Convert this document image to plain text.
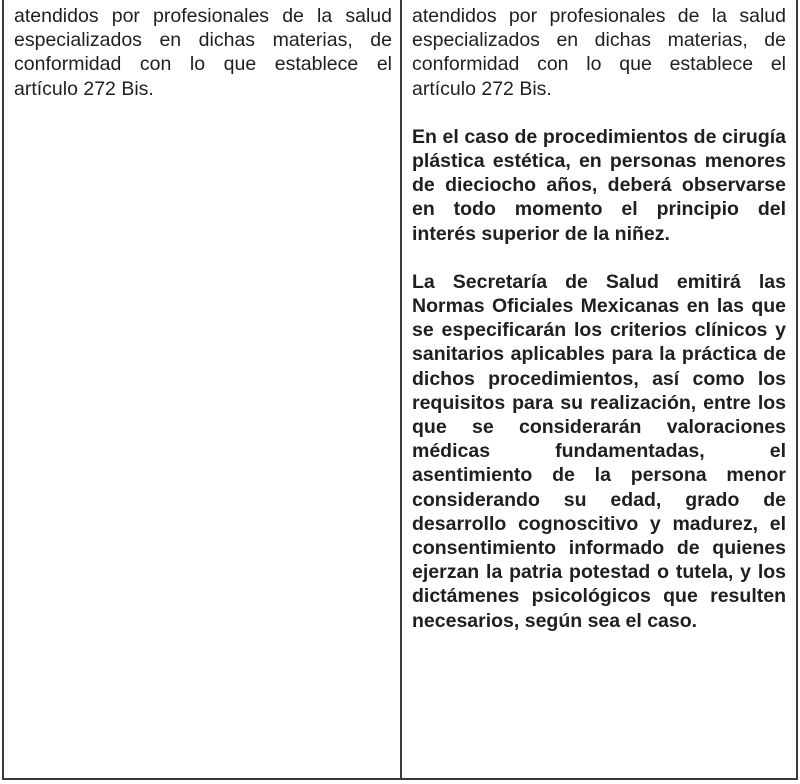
atendidos por profesionales de la salud especializados en dichas materias, de conformidad con lo que establece el artículo 272 Bis.

atendidos por profesionales de la salud especializados en dichas materias, de conformidad con lo que establece el artículo 272 Bis.

En el caso de procedimientos de cirugía plástica estética, en personas menores de dieciocho años, deberá observarse en todo momento el principio del interés superior de la niñez.

La Secretaría de Salud emitirá las Normas Oficiales Mexicanas en las que se especificarán los criterios clínicos y sanitarios aplicables para la práctica de dichos procedimientos, así como los requisitos para su realización, entre los que se considerarán valoraciones médicas fundamentadas, el asentimiento de la persona menor considerando su edad, grado de desarrollo cognoscitivo y madurez, el consentimiento informado de quienes ejerzan la patria potestad o tutela, y los dictámenes psicológicos que resulten necesarios, según sea el caso.
